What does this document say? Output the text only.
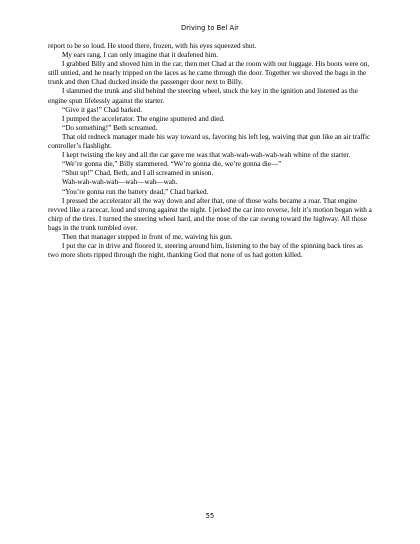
Driving to Bel Air

report to be so loud. He stood there, frozen, with his eyes squeezed shut.

My ears rang, I can only imagine that it deafened him.

I grabbed Billy and shoved him in the car, then met Chad at the room with our luggage. His boots were on, still untied, and he nearly tripped on the laces as he came through the door. Together we shoved the bags in the trunk and then Chad ducked inside the passenger door next to Billy.

I slammed the trunk and slid behind the steering wheel, stuck the key in the ignition and listened as the engine spun lifelessly against the starter.

“Give it gas!” Chad barked.

I pumped the accelerator. The engine sputtered and died.

“Do something!” Beth screamed.

That old redneck manager made his way toward us, favoring his left leg, waiving that gun like an air traffic controller’s flashlight.

I kept twisting the key and all the car gave me was that wah-wah-wah-wah-wah whine of the starter.

“We’re gonna die,” Billy stammered. “We’re gonna die, we’re gonna die—”

“Shut up!” Chad, Beth, and I all screamed in unison.

Wah-wah-wah-wah—wah—wah—wah.

“You’re gonna run the battery dead,” Chad barked.

I pressed the accelerator all the way down and after that, one of those wahs became a roar. That engine revved like a racecar, loud and strong against the night. I jerked the car into reverse, felt it’s motion began with a chirp of the tires. I turned the steering wheel hard, and the nose of the car swung toward the highway. All those bags in the trunk tumbled over.

Then that manager stepped in front of me, waiving his gun.

I put the car in drive and floored it, steering around him, listening to the bay of the spinning back tires as two more shots ripped through the night, thanking God that none of us had gotten killed.

55
